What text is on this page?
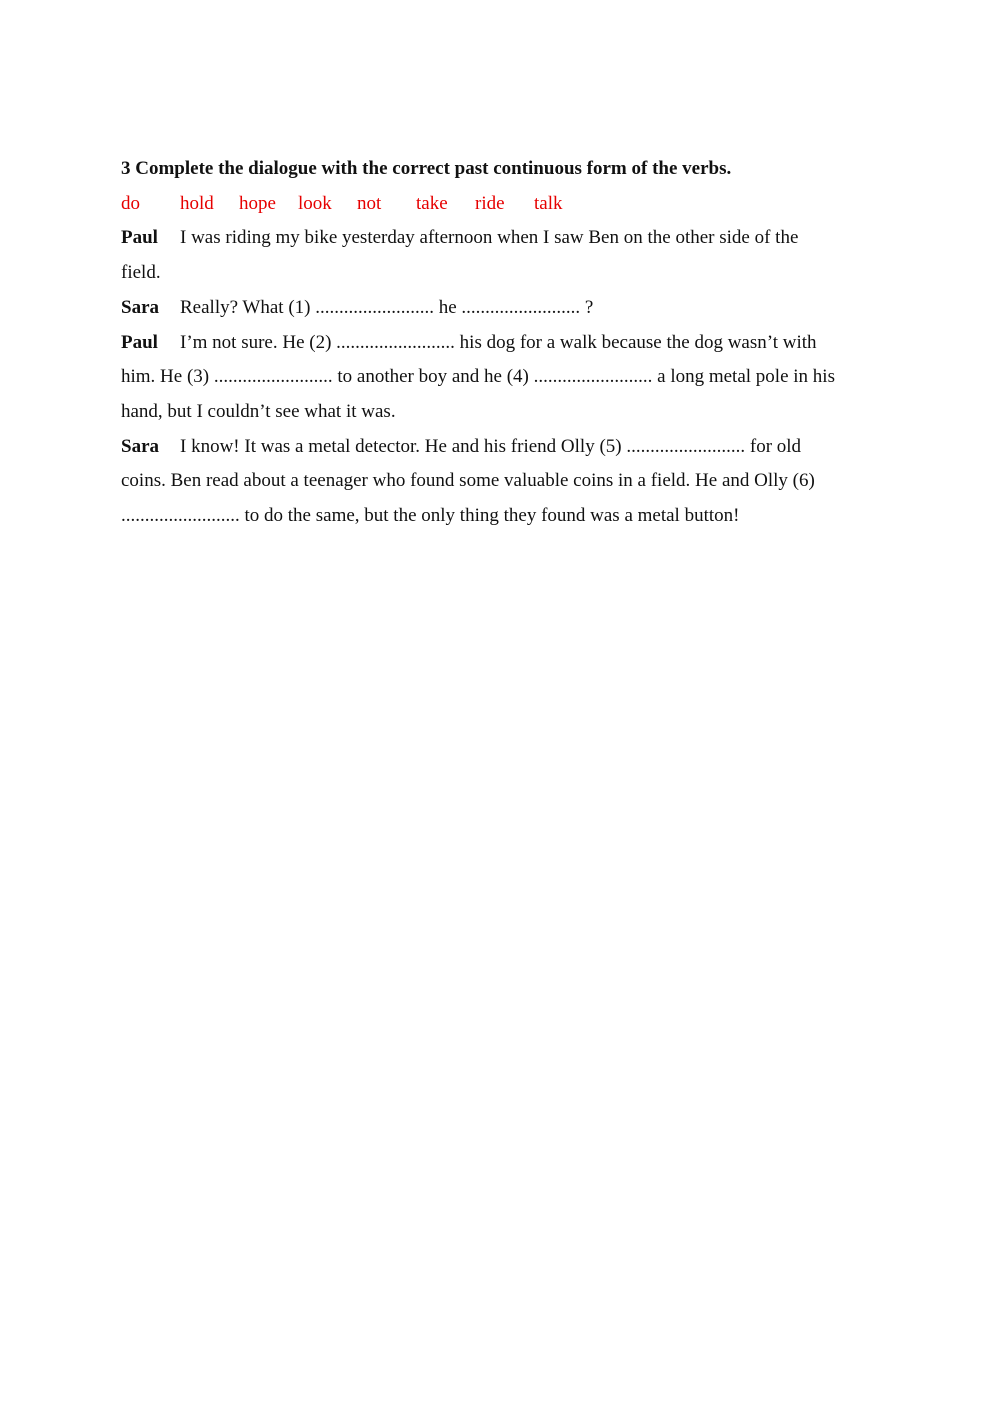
3 Complete the dialogue with the correct past continuous form of the verbs.

do hold hope look not take ride talk

Paul I was riding my bike yesterday afternoon when I saw Ben on the other side of the

field.

Sara Really? What (1) ......................... he ......................... ?

Paul I’m not sure. He (2) ......................... his dog for a walk because the dog wasn’t with

him. He (3) ......................... to another boy and he (4) ......................... a long metal pole in his

hand, but I couldn’t see what it was.

Sara I know! It was a metal detector. He and his friend Olly (5) ......................... for old

coins. Ben read about a teenager who found some valuable coins in a field. He and Olly (6)

......................... to do the same, but the only thing they found was a metal button!
